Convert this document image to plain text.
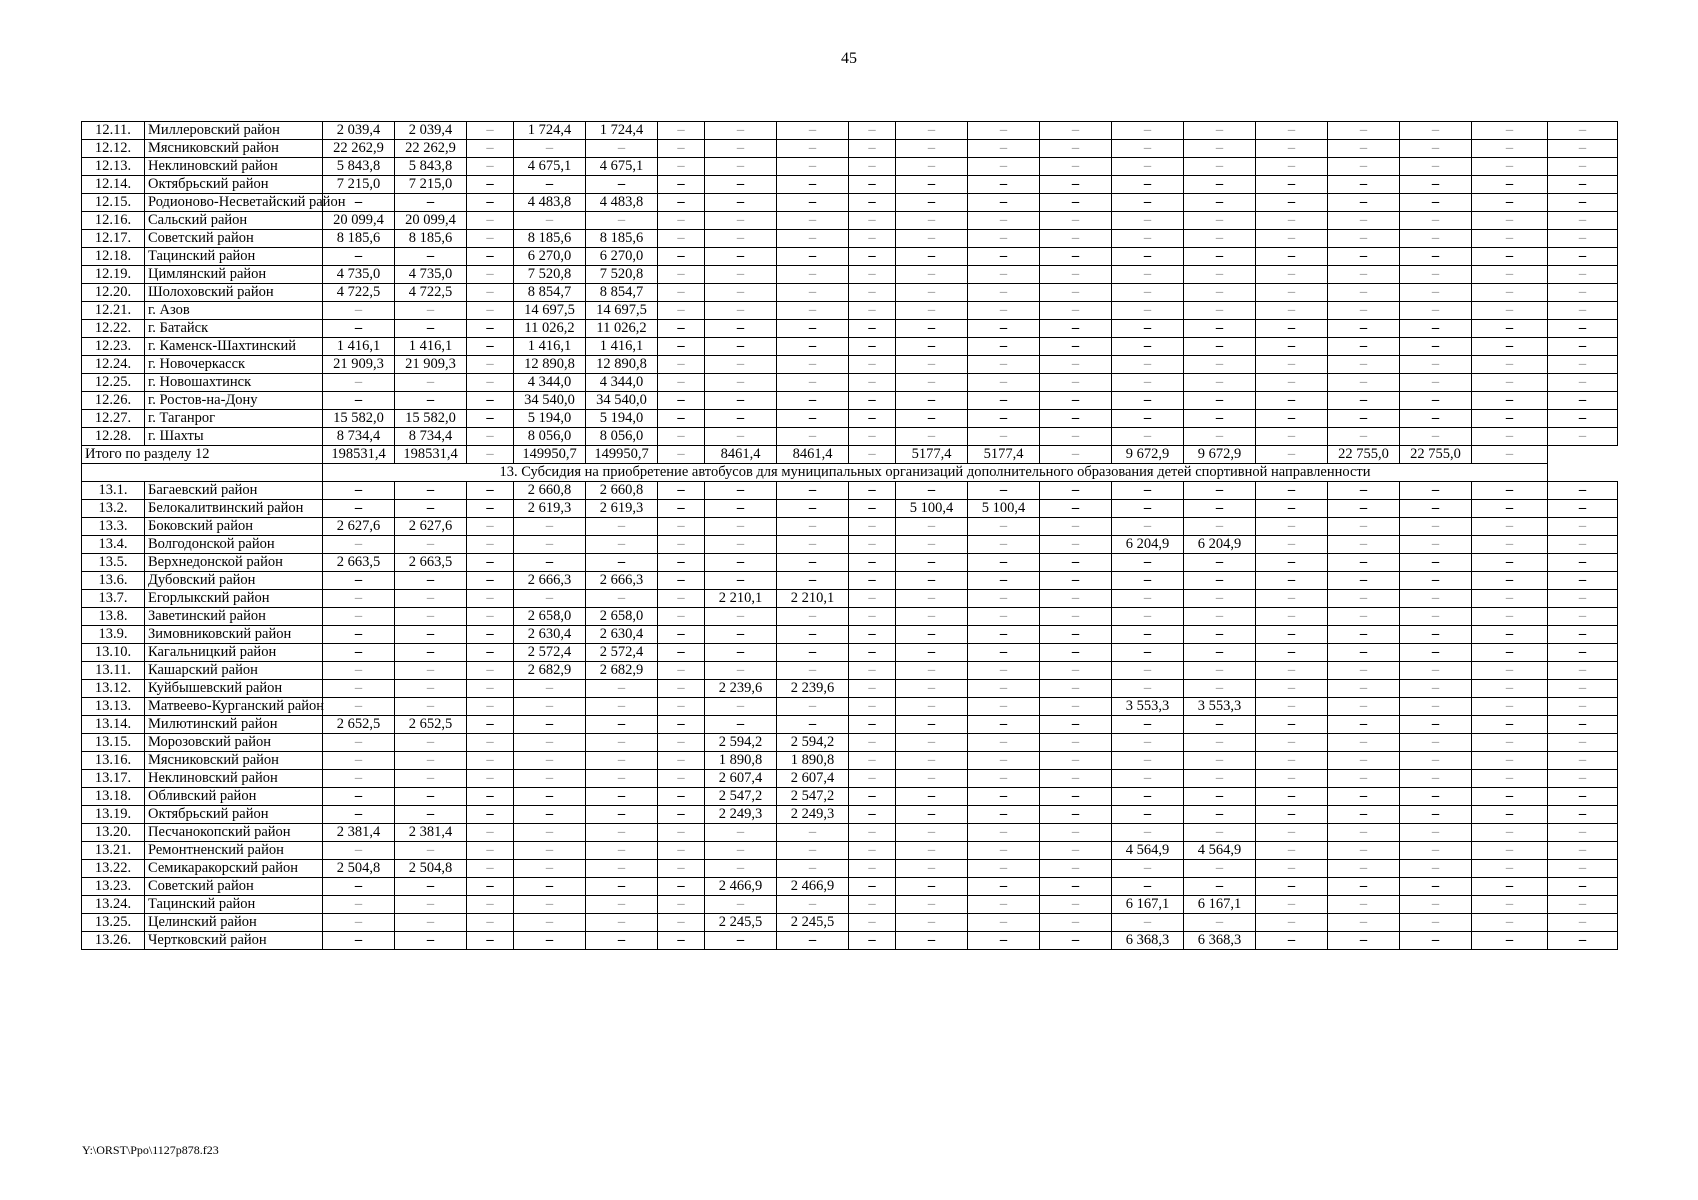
45
12.11.	Миллеровский район	2 039,4	2 039,4	–	1 724,4	1 724,4	–	–	–	–	–	–	–	–	–	–	–	–	–	–
12.12.	Мясниковский район	22 262,9	22 262,9	–	–	–	–	–	–	–	–	–	–	–	–	–	–	–	–	–
12.13.	Неклиновский район	5 843,8	5 843,8	–	4 675,1	4 675,1	–	–	–	–	–	–	–	–	–	–	–	–	–	–
12.14.	Октябрьский район	7 215,0	7 215,0	–	–	–	–	–	–	–	–	–	–	–	–	–	–	–	–	–
12.15.	Родионово-Несветайский район	–	–	–	4 483,8	4 483,8	–	–	–	–	–	–	–	–	–	–	–	–	–	–
12.16.	Сальский район	20 099,4	20 099,4	–	–	–	–	–	–	–	–	–	–	–	–	–	–	–	–	–
12.17.	Советский район	8 185,6	8 185,6	–	8 185,6	8 185,6	–	–	–	–	–	–	–	–	–	–	–	–	–	–
12.18.	Тацинский район	–	–	–	6 270,0	6 270,0	–	–	–	–	–	–	–	–	–	–	–	–	–	–
12.19.	Цимлянский район	4 735,0	4 735,0	–	7 520,8	7 520,8	–	–	–	–	–	–	–	–	–	–	–	–	–	–
12.20.	Шолоховский район	4 722,5	4 722,5	–	8 854,7	8 854,7	–	–	–	–	–	–	–	–	–	–	–	–	–	–
12.21.	г. Азов	–	–	–	14 697,5	14 697,5	–	–	–	–	–	–	–	–	–	–	–	–	–	–
12.22.	г. Батайск	–	–	–	11 026,2	11 026,2	–	–	–	–	–	–	–	–	–	–	–	–	–	–
12.23.	г. Каменск-Шахтинский	1 416,1	1 416,1	–	1 416,1	1 416,1	–	–	–	–	–	–	–	–	–	–	–	–	–	–
12.24.	г. Новочеркасск	21 909,3	21 909,3	–	12 890,8	12 890,8	–	–	–	–	–	–	–	–	–	–	–	–	–	–
12.25.	г. Новошахтинск	–	–	–	4 344,0	4 344,0	–	–	–	–	–	–	–	–	–	–	–	–	–	–
12.26.	г. Ростов-на-Дону	–	–	–	34 540,0	34 540,0	–	–	–	–	–	–	–	–	–	–	–	–	–	–
12.27.	г. Таганрог	15 582,0	15 582,0	–	5 194,0	5 194,0	–	–	–	–	–	–	–	–	–	–	–	–	–	–
12.28.	г. Шахты	8 734,4	8 734,4	–	8 056,0	8 056,0	–	–	–	–	–	–	–	–	–	–	–	–	–	–
Итого по разделу 12		198531,4	198531,4	–	149950,7	149950,7	–	8461,4	8461,4	–	5177,4	5177,4	–	9 672,9	9 672,9	–	22 755,0	22 755,0	–	
		13. Субсидия на приобретение автобусов для муниципальных организаций дополнительного образования детей спортивной направленности																		
13.1.	Багаевский район	–	–	–	2 660,8	2 660,8	–	–	–	–	–	–	–	–	–	–	–	–	–	–
13.2.	Белокалитвинский район	–	–	–	2 619,3	2 619,3	–	–	–	–	5 100,4	5 100,4	–	–	–	–	–	–	–	–
13.3.	Боковский район	2 627,6	2 627,6	–	–	–	–	–	–	–	–	–	–	–	–	–	–	–	–	–
13.4.	Волгодонской район	–	–	–	–	–	–	–	–	–	–	–	–	6 204,9	6 204,9	–	–	–	–	–
13.5.	Верхнедонской район	2 663,5	2 663,5	–	–	–	–	–	–	–	–	–	–	–	–	–	–	–	–	–
13.6.	Дубовский район	–	–	–	2 666,3	2 666,3	–	–	–	–	–	–	–	–	–	–	–	–	–	–
13.7.	Егорлыкский район	–	–	–	–	–	–	2 210,1	2 210,1	–	–	–	–	–	–	–	–	–	–	–
13.8.	Заветинский район	–	–	–	2 658,0	2 658,0	–	–	–	–	–	–	–	–	–	–	–	–	–	–
13.9.	Зимовниковский район	–	–	–	2 630,4	2 630,4	–	–	–	–	–	–	–	–	–	–	–	–	–	–
13.10.	Кагальницкий район	–	–	–	2 572,4	2 572,4	–	–	–	–	–	–	–	–	–	–	–	–	–	–
13.11.	Кашарский район	–	–	–	2 682,9	2 682,9	–	–	–	–	–	–	–	–	–	–	–	–	–	–
13.12.	Куйбышевский район	–	–	–	–	–	–	2 239,6	2 239,6	–	–	–	–	–	–	–	–	–	–	–
13.13.	Матвеево-Курганский район	–	–	–	–	–	–	–	–	–	–	–	–	3 553,3	3 553,3	–	–	–	–	–
13.14.	Милютинский район	2 652,5	2 652,5	–	–	–	–	–	–	–	–	–	–	–	–	–	–	–	–	–
13.15.	Морозовский район	–	–	–	–	–	–	2 594,2	2 594,2	–	–	–	–	–	–	–	–	–	–	–
13.16.	Мясниковский район	–	–	–	–	–	–	1 890,8	1 890,8	–	–	–	–	–	–	–	–	–	–	–
13.17.	Неклиновский район	–	–	–	–	–	–	2 607,4	2 607,4	–	–	–	–	–	–	–	–	–	–	–
13.18.	Обливский район	–	–	–	–	–	–	2 547,2	2 547,2	–	–	–	–	–	–	–	–	–	–	–
13.19.	Октябрьский район	–	–	–	–	–	–	2 249,3	2 249,3	–	–	–	–	–	–	–	–	–	–	–
13.20.	Песчанокопский район	2 381,4	2 381,4	–	–	–	–	–	–	–	–	–	–	–	–	–	–	–	–	–
13.21.	Ремонтненский район	–	–	–	–	–	–	–	–	–	–	–	–	4 564,9	4 564,9	–	–	–	–	–
13.22.	Семикаракорский район	2 504,8	2 504,8	–	–	–	–	–	–	–	–	–	–	–	–	–	–	–	–	–
13.23.	Советский район	–	–	–	–	–	–	2 466,9	2 466,9	–	–	–	–	–	–	–	–	–	–	–
13.24.	Тацинский район	–	–	–	–	–	–	–	–	–	–	–	–	6 167,1	6 167,1	–	–	–	–	–
13.25.	Целинский район	–	–	–	–	–	–	2 245,5	2 245,5	–	–	–	–	–	–	–	–	–	–	–
13.26.	Чертковский район	–	–	–	–	–	–	–	–	–	–	–	–	6 368,3	6 368,3	–	–	–	–	–
Y:\ORST\Ppo\1127p878.f23
